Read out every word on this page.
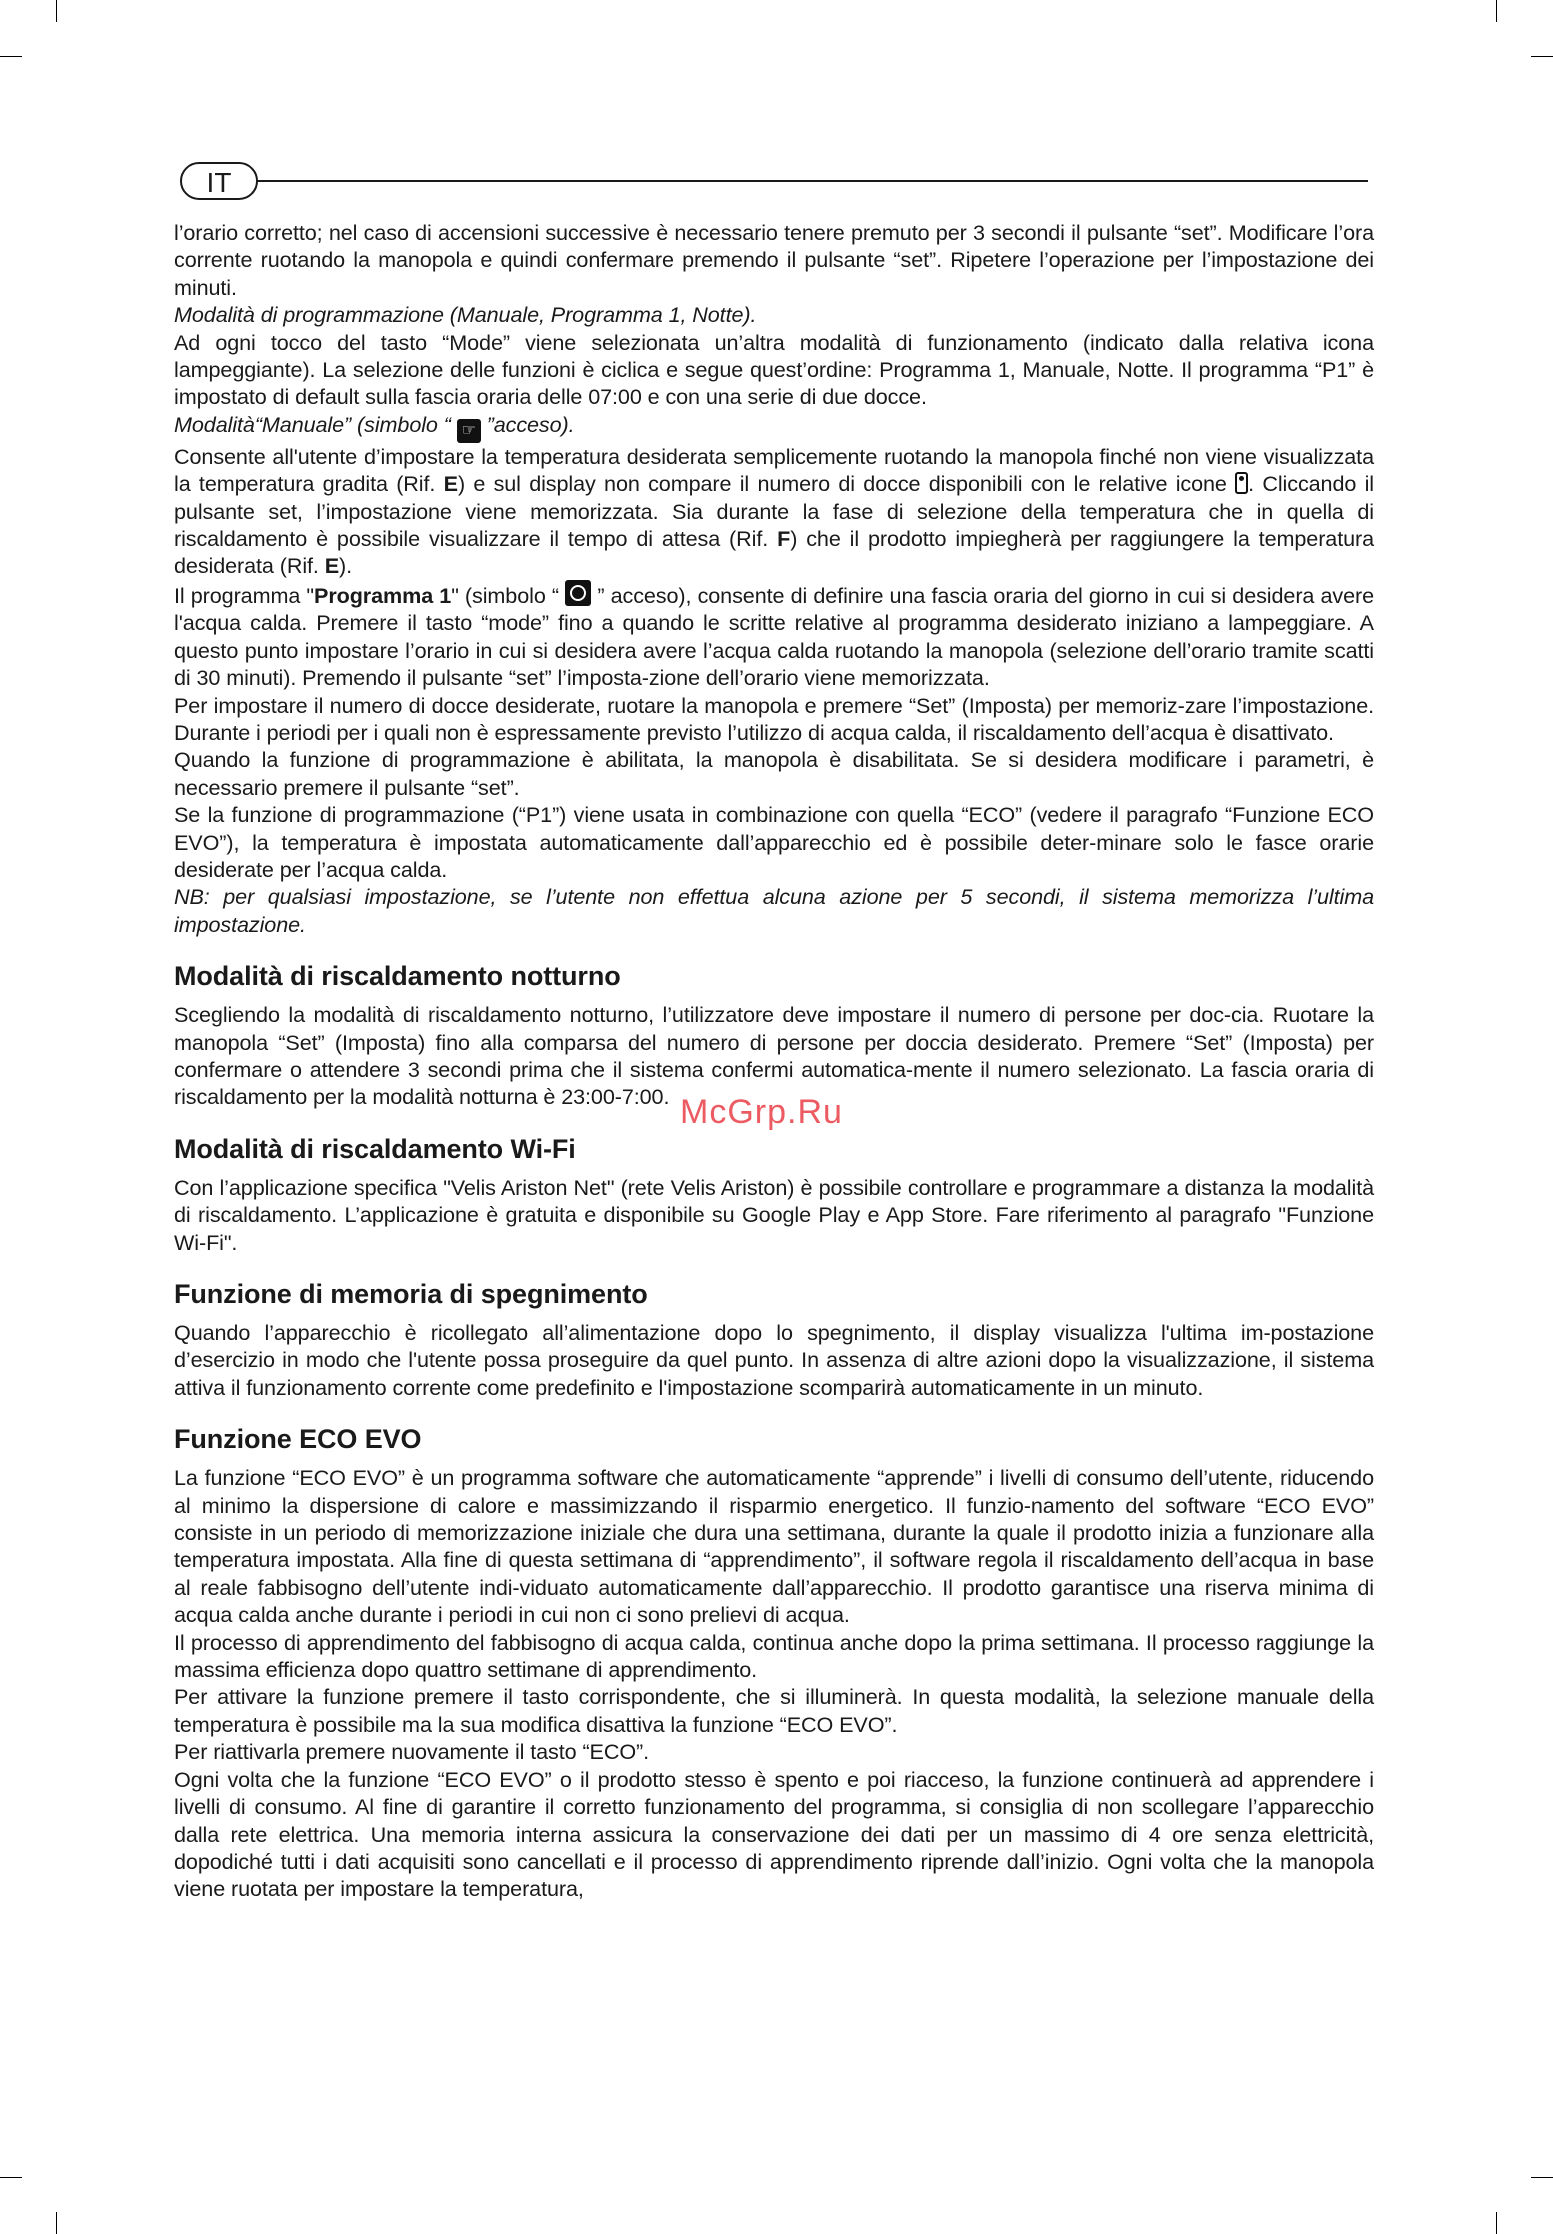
IT

l’orario corretto; nel caso di accensioni successive è necessario tenere premuto per 3 secondi il pulsante “set”. Modificare l’ora corrente ruotando la manopola e quindi confermare premendo il pulsante “set”. Ripetere l’operazione per l’impostazione dei minuti.

Modalità di programmazione (Manuale, Programma 1, Notte).

Ad ogni tocco del tasto “Mode” viene selezionata un’altra modalità di funzionamento (indicato dalla relativa icona lampeggiante). La selezione delle funzioni è ciclica e segue quest’ordine: Programma 1, Manuale, Notte. Il programma “P1” è impostato di default sulla fascia oraria delle 07:00 e con una serie di due docce.

Modalità“Manuale” (simbolo “ ☞ ”acceso).

Consente all'utente d’impostare la temperatura desiderata semplicemente ruotando la manopola finché non viene visualizzata la temperatura gradita (Rif. E) e sul display non compare il numero di docce disponibili con le relative icone . Cliccando il pulsante set, l’impostazione viene memorizzata. Sia durante la fase di selezione della temperatura che in quella di riscaldamento è possibile visualizzare il tempo di attesa (Rif. F) che il prodotto impiegherà per raggiungere la temperatura desiderata (Rif. E).

Il programma "Programma 1" (simbolo “  ” acceso), consente di definire una fascia oraria del giorno in cui si desidera avere l'acqua calda. Premere il tasto “mode” fino a quando le scritte relative al programma desiderato iniziano a lampeggiare. A questo punto impostare l’orario in cui si desidera avere l’acqua calda ruotando la manopola (selezione dell’orario tramite scatti di 30 minuti). Premendo il pulsante “set” l’imposta-zione dell’orario viene memorizzata.

Per impostare il numero di docce desiderate, ruotare la manopola e premere “Set” (Imposta) per memoriz-zare l’impostazione. Durante i periodi per i quali non è espressamente previsto l’utilizzo di acqua calda, il riscaldamento dell’acqua è disattivato.

Quando la funzione di programmazione è abilitata, la manopola è disabilitata. Se si desidera modificare i parametri, è necessario premere il pulsante “set”.

Se la funzione di programmazione (“P1”) viene usata in combinazione con quella “ECO” (vedere il paragrafo “Funzione ECO EVO”), la temperatura è impostata automaticamente dall’apparecchio ed è possibile deter-minare solo le fasce orarie desiderate per l’acqua calda.

NB: per qualsiasi impostazione, se l’utente non effettua alcuna azione per 5 secondi, il sistema memorizza l’ultima impostazione.

Modalità di riscaldamento notturno

Scegliendo la modalità di riscaldamento notturno, l’utilizzatore deve impostare il numero di persone per doc-cia. Ruotare la manopola “Set” (Imposta) fino alla comparsa del numero di persone per doccia desiderato. Premere “Set” (Imposta) per confermare o attendere 3 secondi prima che il sistema confermi automatica-mente il numero selezionato. La fascia oraria di riscaldamento per la modalità notturna è 23:00-7:00.

Modalità di riscaldamento Wi-Fi

Con l’applicazione specifica "Velis Ariston Net" (rete Velis Ariston) è possibile controllare e programmare a distanza la modalità di riscaldamento. L’applicazione è gratuita e disponibile su Google Play e App Store. Fare riferimento al paragrafo "Funzione Wi-Fi".

Funzione di memoria di spegnimento

Quando l’apparecchio è ricollegato all’alimentazione dopo lo spegnimento, il display visualizza l'ultima im-postazione d’esercizio in modo che l'utente possa proseguire da quel punto. In assenza di altre azioni dopo la visualizzazione, il sistema attiva il funzionamento corrente come predefinito e l'impostazione scomparirà automaticamente in un minuto.

Funzione ECO EVO

La funzione “ECO EVO” è un programma software che automaticamente “apprende” i livelli di consumo dell’utente, riducendo al minimo la dispersione di calore e massimizzando il risparmio energetico. Il funzio-namento del software “ECO EVO” consiste in un periodo di memorizzazione iniziale che dura una settimana, durante la quale il prodotto inizia a funzionare alla temperatura impostata. Alla fine di questa settimana di “apprendimento”, il software regola il riscaldamento dell’acqua in base al reale fabbisogno dell’utente indi-viduato automaticamente dall’apparecchio. Il prodotto garantisce una riserva minima di acqua calda anche durante i periodi in cui non ci sono prelievi di acqua.

Il processo di apprendimento del fabbisogno di acqua calda, continua anche dopo la prima settimana. Il processo raggiunge la massima efficienza dopo quattro settimane di apprendimento.

Per attivare la funzione premere il tasto corrispondente, che si illuminerà. In questa modalità, la selezione manuale della temperatura è possibile ma la sua modifica disattiva la funzione “ECO EVO”.

Per riattivarla premere nuovamente il tasto “ECO”.

Ogni volta che la funzione “ECO EVO” o il prodotto stesso è spento e poi riacceso, la funzione continuerà ad apprendere i livelli di consumo. Al fine di garantire il corretto funzionamento del programma, si consiglia di non scollegare l’apparecchio dalla rete elettrica. Una memoria interna assicura la conservazione dei dati per un massimo di 4 ore senza elettricità, dopodiché tutti i dati acquisiti sono cancellati e il processo di apprendimento riprende dall’inizio. Ogni volta che la manopola viene ruotata per impostare la temperatura,

McGrp.Ru
